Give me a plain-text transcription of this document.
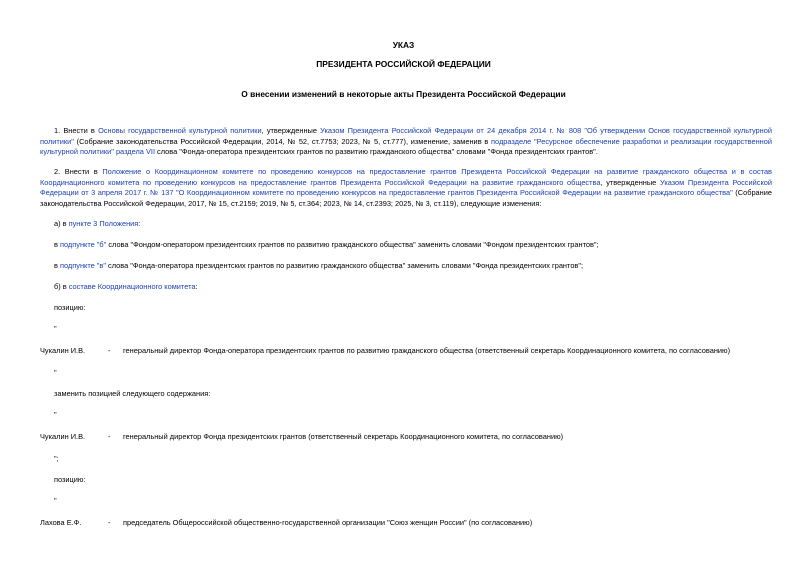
УКАЗ
ПРЕЗИДЕНТА РОССИЙСКОЙ ФЕДЕРАЦИИ
О внесении изменений в некоторые акты Президента Российской Федерации
1. Внести в Основы государственной культурной политики, утвержденные Указом Президента Российской Федерации от 24 декабря 2014 г. № 808 "Об утверждении Основ государственной культурной политики" (Собрание законодательства Российской Федерации, 2014, № 52, ст.7753; 2023, № 5, ст.777), изменение, заменив в подразделе "Ресурсное обеспечение разработки и реализации государственной культурной политики" раздела VII слова "Фонда-оператора президентских грантов по развитию гражданского общества" словами "Фонда президентских грантов".
2. Внести в Положение о Координационном комитете по проведению конкурсов на предоставление грантов Президента Российской Федерации на развитие гражданского общества и в состав Координационного комитета по проведению конкурсов на предоставление грантов Президента Российской Федерации на развитие гражданского общества, утвержденные Указом Президента Российской Федерации от 3 апреля 2017 г. № 137 "О Координационном комитете по проведению конкурсов на предоставление грантов Президента Российской Федерации на развитие гражданского общества" (Собрание законодательства Российской Федерации, 2017, № 15, ст.2159; 2019, № 5, ст.364; 2023, № 14, ст.2393; 2025, № 3, ст.119), следующие изменения:
а) в пункте 3 Положения:
в подпункте "б" слова "Фондом-оператором президентских грантов по развитию гражданского общества" заменить словами "Фондом президентских грантов";
в подпункте "в" слова "Фонда-оператора президентских грантов по развитию гражданского общества" заменить словами "Фонда президентских грантов";
б) в составе Координационного комитета:
позицию:
"
Чукалин И.В.	- генеральный директор Фонда-оператора президентских грантов по развитию гражданского общества (ответственный секретарь Координационного комитета, по согласованию)
"
заменить позицией следующего содержания:
"
Чукалин И.В.	- генеральный директор Фонда президентских грантов (ответственный секретарь Координационного комитета, по согласованию)
";
позицию:
"
Лахова Е.Ф.	- председатель Общероссийской общественно-государственной организации "Союз женщин России" (по согласованию)
